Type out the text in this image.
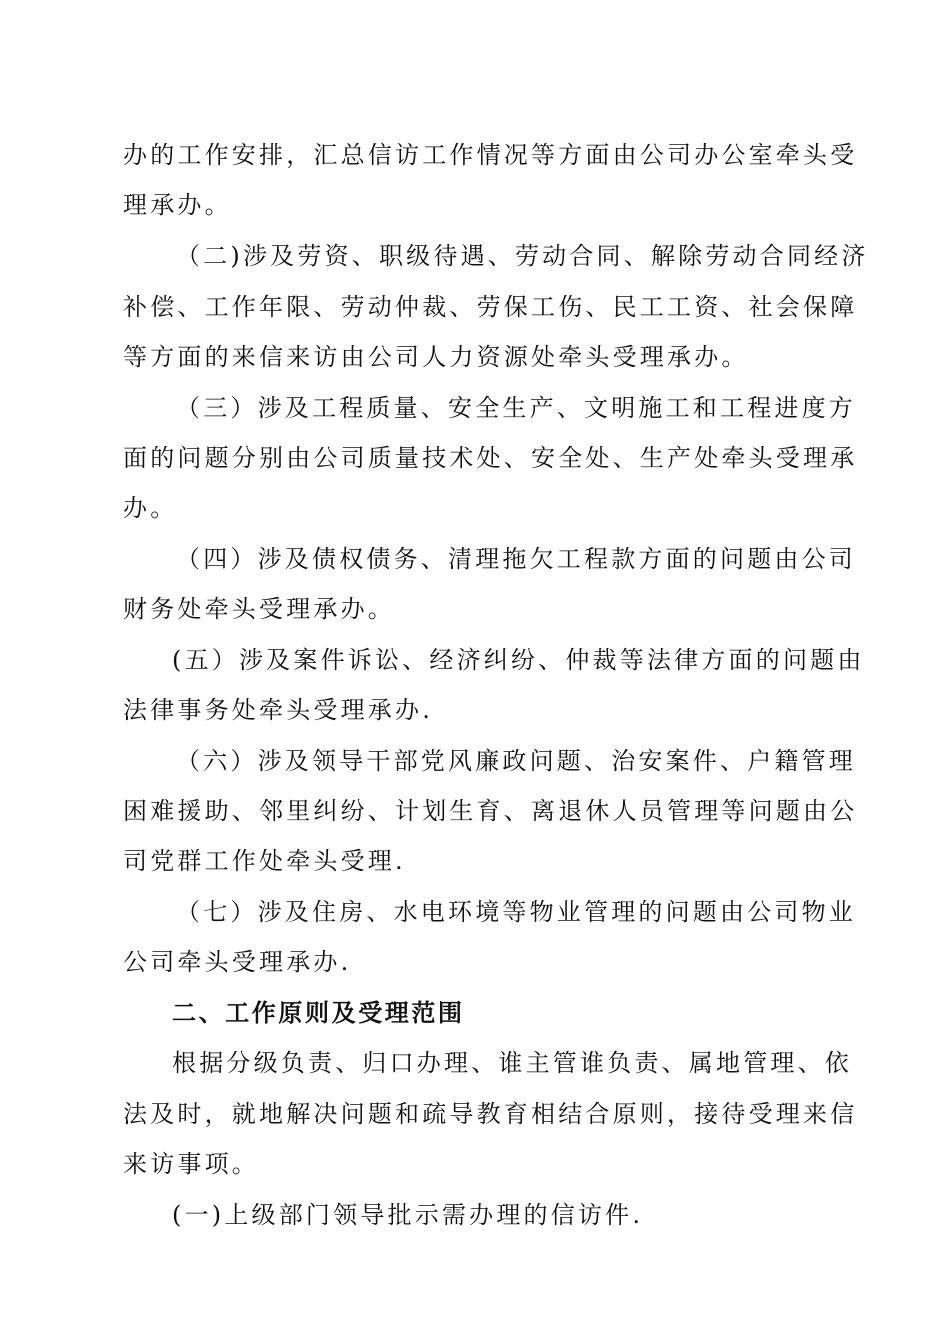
办的工作安排，汇总信访工作情况等方面由公司办公室牵头受
理承办。
（二)涉及劳资、职级待遇、劳动合同、解除劳动合同经济
补偿、工作年限、劳动仲裁、劳保工伤、民工工资、社会保障
等方面的来信来访由公司人力资源处牵头受理承办。
（三）涉及工程质量、安全生产、文明施工和工程进度方
面的问题分别由公司质量技术处、安全处、生产处牵头受理承
办。
（四）涉及债权债务、清理拖欠工程款方面的问题由公司
财务处牵头受理承办。
(五）涉及案件诉讼、经济纠纷、仲裁等法律方面的问题由
法律事务处牵头受理承办.
（六）涉及领导干部党风廉政问题、治安案件、户籍管理
困难援助、邻里纠纷、计划生育、离退休人员管理等问题由公
司党群工作处牵头受理.
（七）涉及住房、水电环境等物业管理的问题由公司物业
公司牵头受理承办.
二、工作原则及受理范围
根据分级负责、归口办理、谁主管谁负责、属地管理、依
法及时，就地解决问题和疏导教育相结合原则，接待受理来信
来访事项。
(一)上级部门领导批示需办理的信访件.
